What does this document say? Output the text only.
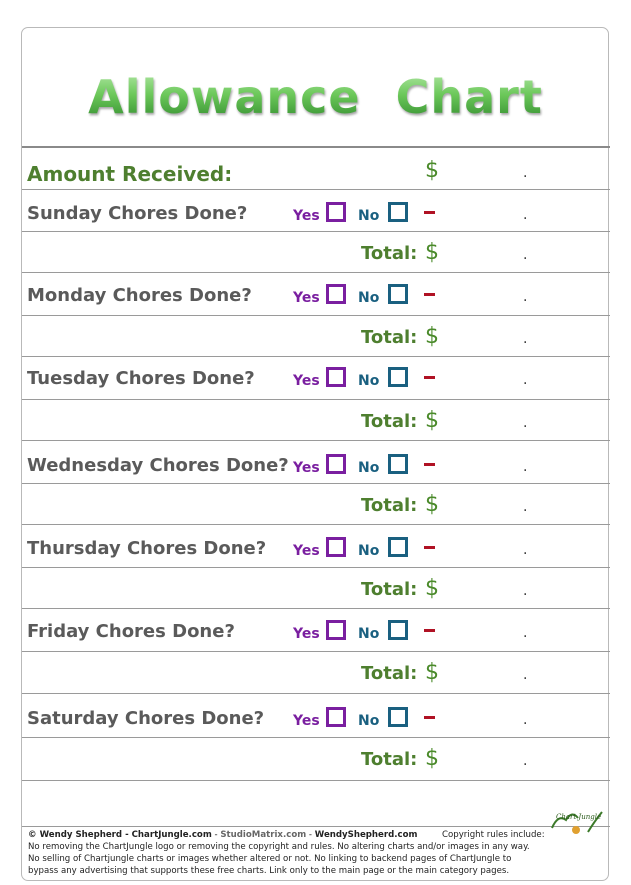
Allowance Chart
Amount Received:	$	.
Sunday Chores Done?	Yes	No	.
Total: $	.
Monday Chores Done?	Yes	No	.
Total: $	.
Tuesday Chores Done?	Yes	No	.
Total: $	.
Wednesday Chores Done? Yes	No	.
Total: $	.
Thursday Chores Done? Yes	No	.
Total: $	.
Friday Chores Done?	Yes	No	.
Total: $	.
Saturday Chores Done? Yes	No	.
Total: $	.
Chart Jungle
© Wendy Shepherd - ChartJungle.com - StudioMatrix.com - WendyShepherd.com	Copyright rules include:
No removing the ChartJungle logo or removing the copyright and rules. No altering charts and/or images in any way.
No selling of Chartjungle charts or images whether altered or not. No linking to backend pages of ChartJungle to
bypass any advertising that supports these free charts. Link only to the main page or the main category pages.
